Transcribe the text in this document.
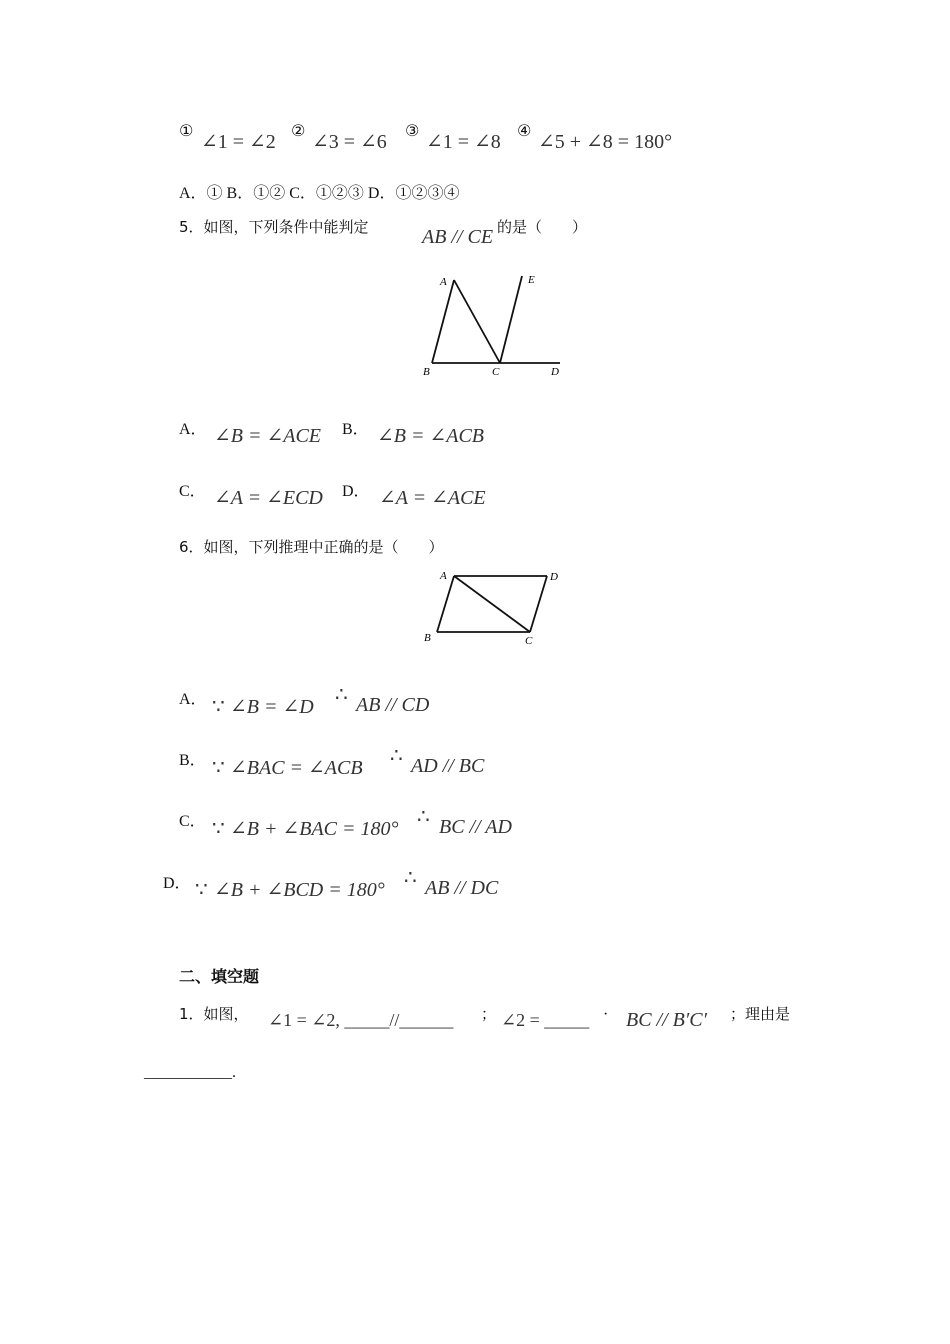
①
∠1 = ∠2
②
∠3 = ∠6
③
∠1 = ∠8
④
∠5 + ∠8 = 180°
A．① B．①② C．①②③ D．①②③④
5．如图，下列条件中能判定	AB // CE 的是（　　）
A
B	C	D
E
A． ∠B = ∠ACE B． ∠B = ∠ACB
C． ∠A = ∠ECD D． ∠A = ∠ACE
6．如图，下列推理中正确的是（　　）
A
B	C
D
A． ∵ ∠B = ∠D
∴ AB // CD
B． ∵ ∠BAC = ∠ACB
∴ AD // BC
C． ∵ ∠B + ∠BAC = 180°
∴ BC // AD
D． ∵ ∠B + ∠BCD = 180°
∴ AB // DC
二、填空题
1．如图， ∠1 = ∠2, _____//______ ； ∠2 = _____ · BC // B′C′ ；理由是
___________.
